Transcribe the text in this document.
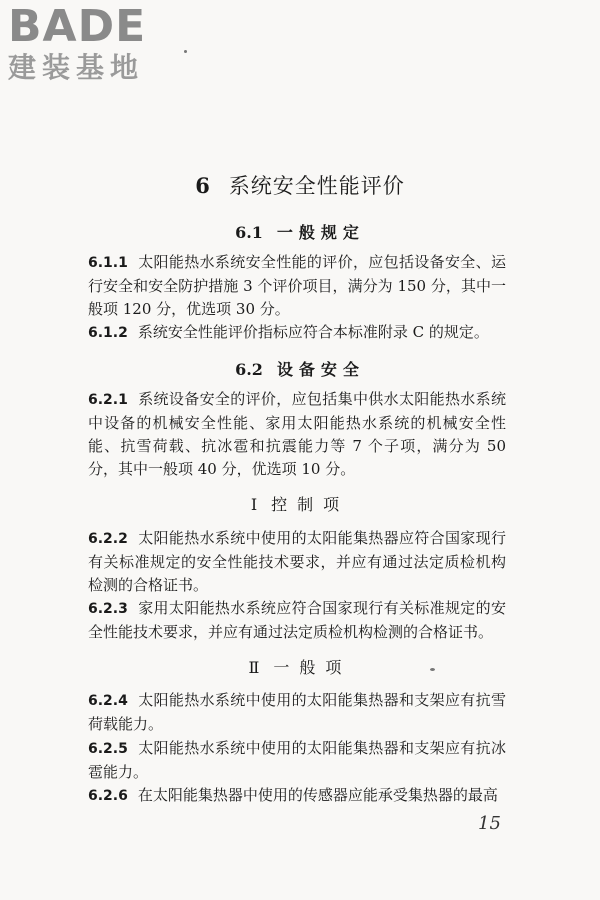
BADE
建装基地
6 系统安全性能评价
6.1 一般规定

6.1.1 太阳能热水系统安全性能的评价，应包括设备安全、运行安全和安全防护措施 3 个评价项目，满分为 150 分，其中一般项 120 分，优选项 30 分。

6.1.2 系统安全性能评价指标应符合本标准附录 C 的规定。

6.2 设备安全

6.2.1 系统设备安全的评价，应包括集中供水太阳能热水系统中设备的机械安全性能、家用太阳能热水系统的机械安全性能、抗雪荷载、抗冰雹和抗震能力等 7 个子项，满分为 50 分，其中一般项 40 分，优选项 10 分。

Ⅰ 控制项

6.2.2 太阳能热水系统中使用的太阳能集热器应符合国家现行有关标准规定的安全性能技术要求，并应有通过法定质检机构检测的合格证书。

6.2.3 家用太阳能热水系统应符合国家现行有关标准规定的安全性能技术要求，并应有通过法定质检机构检测的合格证书。

Ⅱ 一般项

6.2.4 太阳能热水系统中使用的太阳能集热器和支架应有抗雪荷载能力。

6.2.5 太阳能热水系统中使用的太阳能集热器和支架应有抗冰雹能力。

6.2.6 在太阳能集热器中使用的传感器应能承受集热器的最高

15
